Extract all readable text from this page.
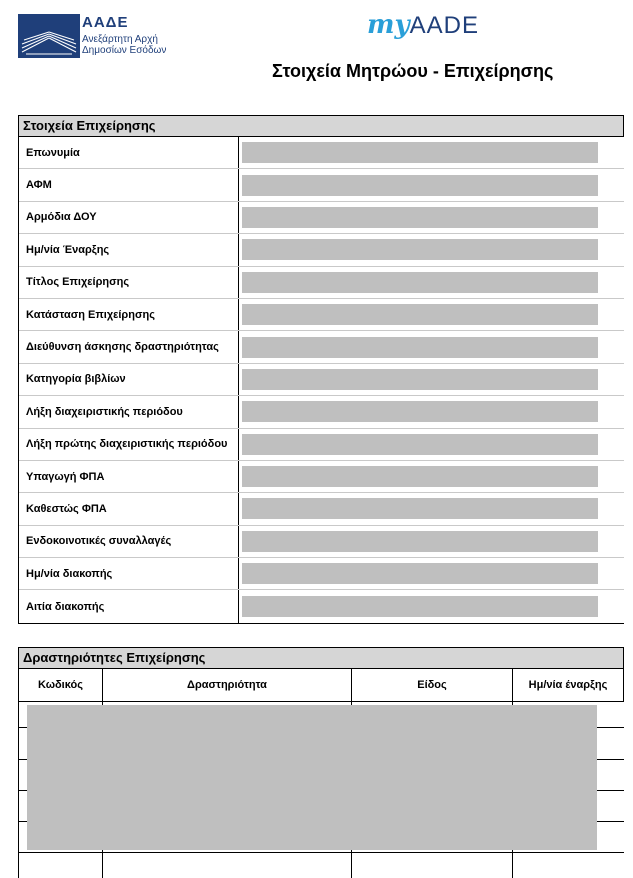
ΑΑΔΕ
Ανεξάρτητη Αρχή
Δημοσίων Εσόδων
myAADE
Στοιχεία Μητρώου - Επιχείρησης
Στοιχεία Επιχείρησης
Επωνυμία
ΑΦΜ
Αρμόδια ΔΟΥ
Ημ/νία Έναρξης
Τίτλος Επιχείρησης
Κατάσταση Επιχείρησης
Διεύθυνση άσκησης δραστηριότητας
Κατηγορία βιβλίων
Λήξη διαχειριστικής περιόδου
Λήξη πρώτης διαχειριστικής περιόδου
Υπαγωγή ΦΠΑ
Καθεστώς ΦΠΑ
Ενδοκοινοτικές συναλλαγές
Ημ/νία διακοπής
Αιτία διακοπής
Δραστηριότητες Επιχείρησης
Κωδικός	Δραστηριότητα	Είδος	Ημ/νία έναρξης
